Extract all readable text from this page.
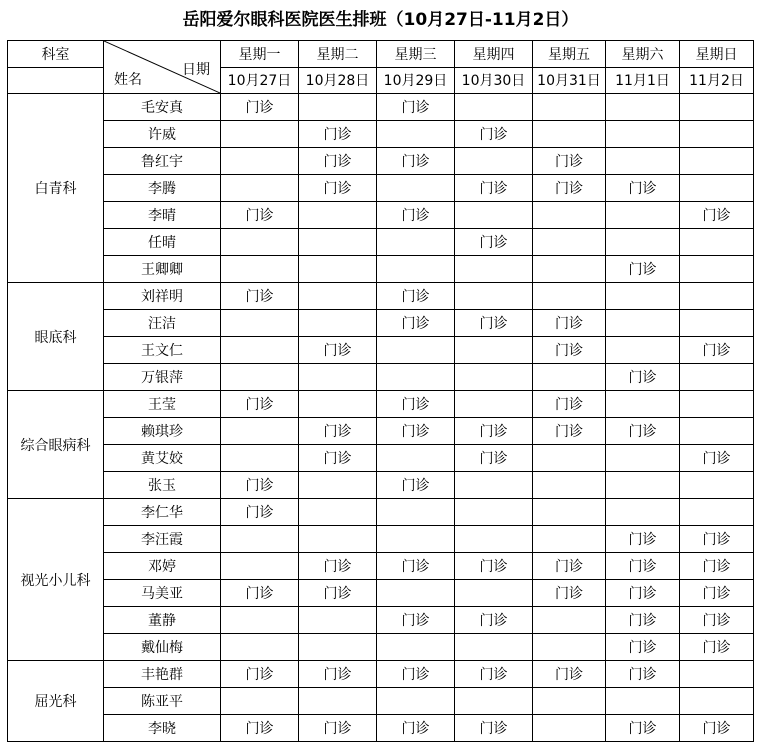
岳阳爱尔眼科医院医生排班（10月27日-11月2日）
科室	日期
姓名	星期一	星期二	星期三	星期四	星期五	星期六	星期日
		10月27日	10月28日	10月29日	10月30日	10月31日	11月1日	11月2日
白青科	毛安真	门诊		门诊				
	许威		门诊		门诊			
	鲁红宇		门诊	门诊		门诊		
	李腾		门诊		门诊	门诊	门诊	
	李晴	门诊		门诊				门诊
	任晴				门诊			
	王卿卿						门诊	
眼底科	刘祥明	门诊		门诊				
	汪洁			门诊	门诊	门诊		
	王文仁		门诊			门诊		门诊
	万银萍						门诊	
综合眼病科	王莹	门诊		门诊		门诊		
	赖琪珍		门诊	门诊	门诊	门诊	门诊	
	黄艾姣		门诊		门诊			门诊
	张玉	门诊		门诊				
视光小儿科	李仁华	门诊						
	李汪霞						门诊	门诊
	邓婷		门诊	门诊	门诊	门诊	门诊	门诊
	马美亚	门诊	门诊			门诊	门诊	门诊
	董静			门诊	门诊		门诊	门诊
	戴仙梅						门诊	门诊
屈光科	丰艳群	门诊	门诊	门诊	门诊	门诊	门诊	
	陈亚平							
	李晓	门诊	门诊	门诊	门诊		门诊	门诊
